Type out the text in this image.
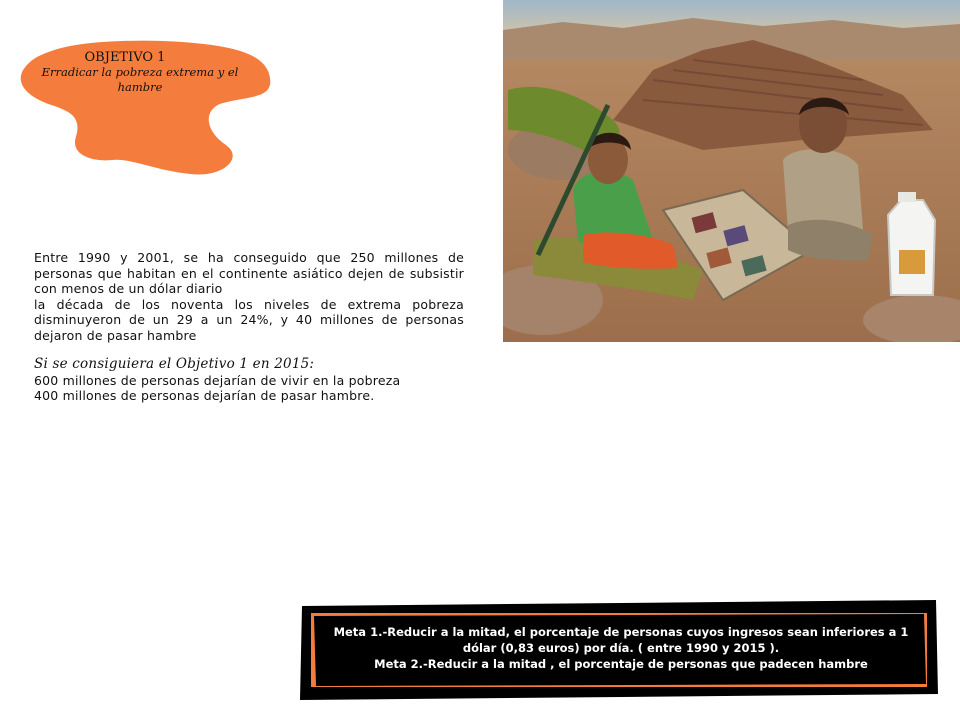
OBJETIVO 1
Erradicar la pobreza extrema y el hambre

Entre 1990 y 2001, se ha conseguido que 250 millones de personas que habitan en el continente asiático dejen de subsistir con menos de un dólar diario

la década de los noventa los niveles de extrema pobreza disminuyeron de un 29 a un 24%, y 40 millones de personas dejaron de pasar hambre

Si se consiguiera el Objetivo 1 en 2015:

600 millones de personas dejarían de vivir en la pobreza

400 millones de personas dejarían de pasar hambre.

Meta 1.-Reducir a la mitad, el porcentaje de personas cuyos ingresos sean inferiores a 1 dólar (0,83 euros) por día. ( entre 1990 y 2015 ).
Meta 2.-Reducir a la mitad , el porcentaje de personas que padecen hambre
